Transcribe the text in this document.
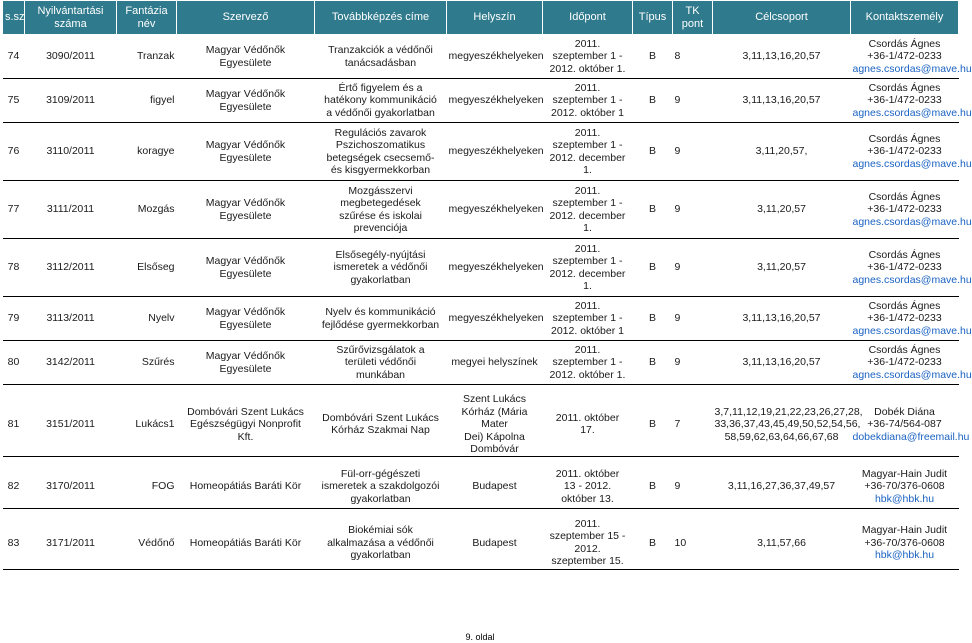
s.sz	Nyilvántartási száma	Fantázia név	Szervező	Továbbképzés címe	Helyszín	Időpont	Típus	TK pont	Célcsoport	Kontaktszemély
74	3090/2011	Tranzak	Magyar Védőnők
Egyesülete	Tranzakciók a védőnői
tanácsadásban	megyeszékhelyeken	2011.
szeptember 1 -
2012. október 1.	B	8	3,11,13,16,20,57	Csordás Ágnes
+36-1/472-0233
agnes.csordas@mave.hu

75	3109/2011	figyel	Magyar Védőnők
Egyesülete	Értő figyelem és a
hatékony kommunikáció
a védőnői gyakorlatban	megyeszékhelyeken	2011.
szeptember 1 -
2012. október 1	B	9	3,11,13,16,20,57	Csordás Ágnes
+36-1/472-0233
agnes.csordas@mave.hu

76	3110/2011	koragye	Magyar Védőnők
Egyesülete	Regulációs zavarok
Pszichoszomatikus
betegségek csecsemő-
és kisgyermekkorban	megyeszékhelyeken	2011.
szeptember 1 -
2012. december
1.	B	9	3,11,20,57,	Csordás Ágnes
+36-1/472-0233
agnes.csordas@mave.hu

77	3111/2011	Mozgás	Magyar Védőnők
Egyesülete	Mozgásszervi
megbetegedések
szűrése és iskolai
prevenciója	megyeszékhelyeken	2011.
szeptember 1 -
2012. december
1.	B	9	3,11,20,57	Csordás Ágnes
+36-1/472-0233
agnes.csordas@mave.hu

78	3112/2011	Elsőseg	Magyar Védőnők
Egyesülete	Elsősegély-nyújtási
ismeretek a védőnői
gyakorlatban	megyeszékhelyeken	2011.
szeptember 1 -
2012. december
1.	B	9	3,11,20,57	Csordás Ágnes
+36-1/472-0233
agnes.csordas@mave.hu

79	3113/2011	Nyelv	Magyar Védőnők
Egyesülete	Nyelv és kommunikáció
fejlődése gyermekkorban	megyeszékhelyeken	2011.
szeptember 1 -
2012. október 1	B	9	3,11,13,16,20,57	Csordás Ágnes
+36-1/472-0233
agnes.csordas@mave.hu

80	3142/2011	Szűrés	Magyar Védőnők
Egyesülete	Szűrővizsgálatok a
területi védőnői
munkában	megyei helyszínek	2011.
szeptember 1 -
2012. október 1.	B	9	3,11,13,16,20,57	Csordás Ágnes
+36-1/472-0233
agnes.csordas@mave.hu

81	3151/2011	Lukács1	Dombóvári Szent Lukács
Egészségügyi Nonprofit
Kft.	Dombóvári Szent Lukács
Kórház Szakmai Nap	Szent Lukács
Kórház (Mária Mater
Dei) Kápolna
Dombóvár	2011. október
17.	B	7	3,7,11,12,19,21,22,23,26,27,28,
33,36,37,43,45,49,50,52,54,56,
58,59,62,63,64,66,67,68	Dobék Diána
+36-74/564-087
dobekdiana@freemail.hu

82	3170/2011	FOG	Homeopátiás Baráti Kör	Fül-orr-gégészeti
ismeretek a szakdolgozói
gyakorlatban	Budapest	2011. október
13 - 2012.
október 13.	B	9	3,11,16,27,36,37,49,57	Magyar-Hain Judit
+36-70/376-0608
hbk@hbk.hu

83	3171/2011	Védőnő	Homeopátiás Baráti Kör	Biokémiai sók
alkalmazása a védőnői
gyakorlatban	Budapest	2011.
szeptember 15 -
2012.
szeptember 15.	B	10	3,11,57,66	Magyar-Hain Judit
+36-70/376-0608
hbk@hbk.hu
9. oldal
